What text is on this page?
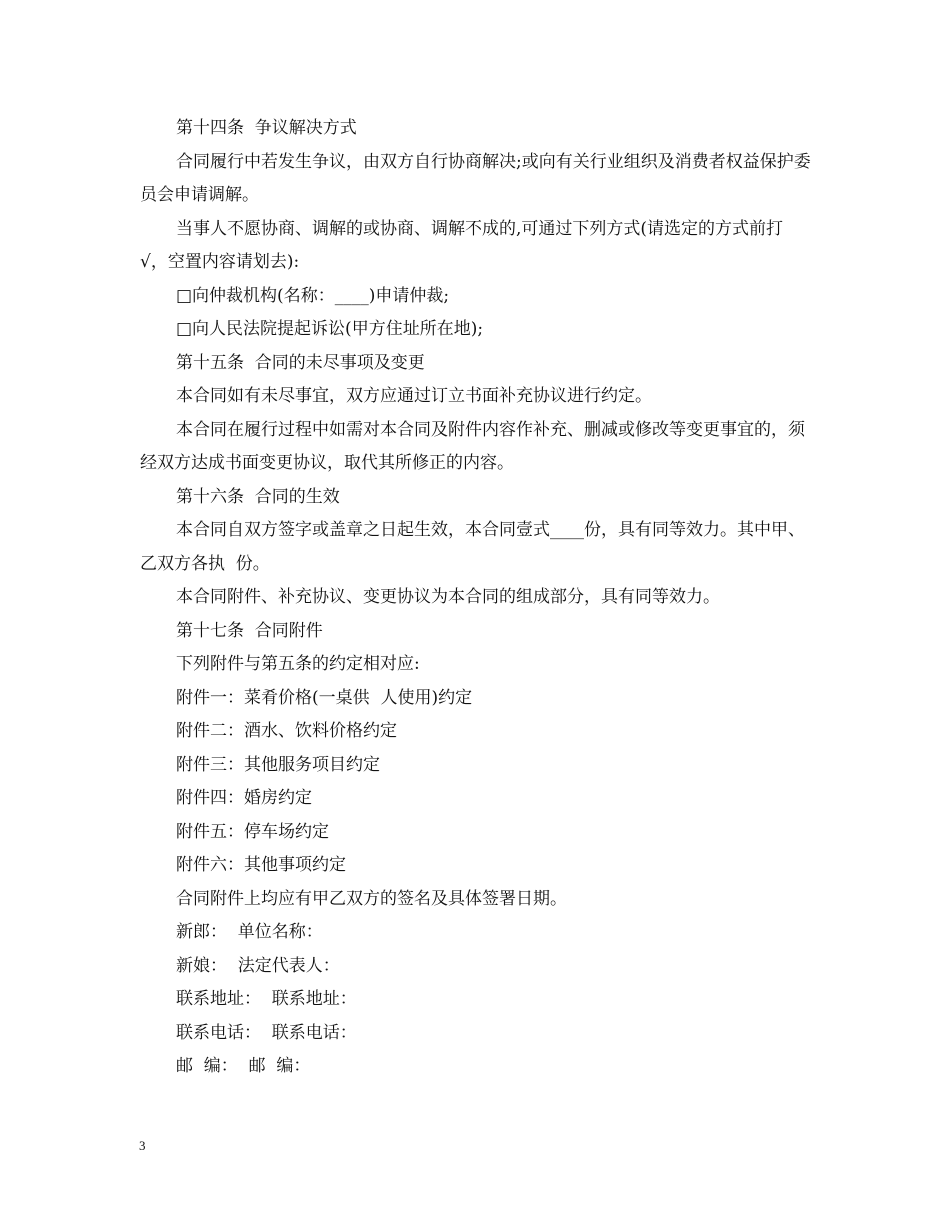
第十四条  争议解决方式

合同履行中若发生争议，由双方自行协商解决;或向有关行业组织及消费者权益保护委员会申请调解。

当事人不愿协商、调解的或协商、调解不成的,可通过下列方式(请选定的方式前打 √，空置内容请划去):

□向仲裁机构(名称：____)申请仲裁;

□向人民法院提起诉讼(甲方住址所在地);

第十五条  合同的未尽事项及变更

本合同如有未尽事宜，双方应通过订立书面补充协议进行约定。

本合同在履行过程中如需对本合同及附件内容作补充、删减或修改等变更事宜的，须经双方达成书面变更协议，取代其所修正的内容。

第十六条  合同的生效

本合同自双方签字或盖章之日起生效，本合同壹式____份，具有同等效力。其中甲、乙双方各执  份。

本合同附件、补充协议、变更协议为本合同的组成部分，具有同等效力。

第十七条  合同附件

下列附件与第五条的约定相对应:

附件一：菜肴价格(一桌供  人使用)约定

附件二：酒水、饮料价格约定

附件三：其他服务项目约定

附件四：婚房约定

附件五：停车场约定

附件六：其他事项约定

合同附件上均应有甲乙双方的签名及具体签署日期。

新郎：  单位名称：

新娘：  法定代表人：

联系地址：  联系地址：

联系电话：  联系电话：

邮  编：  邮  编：

3
